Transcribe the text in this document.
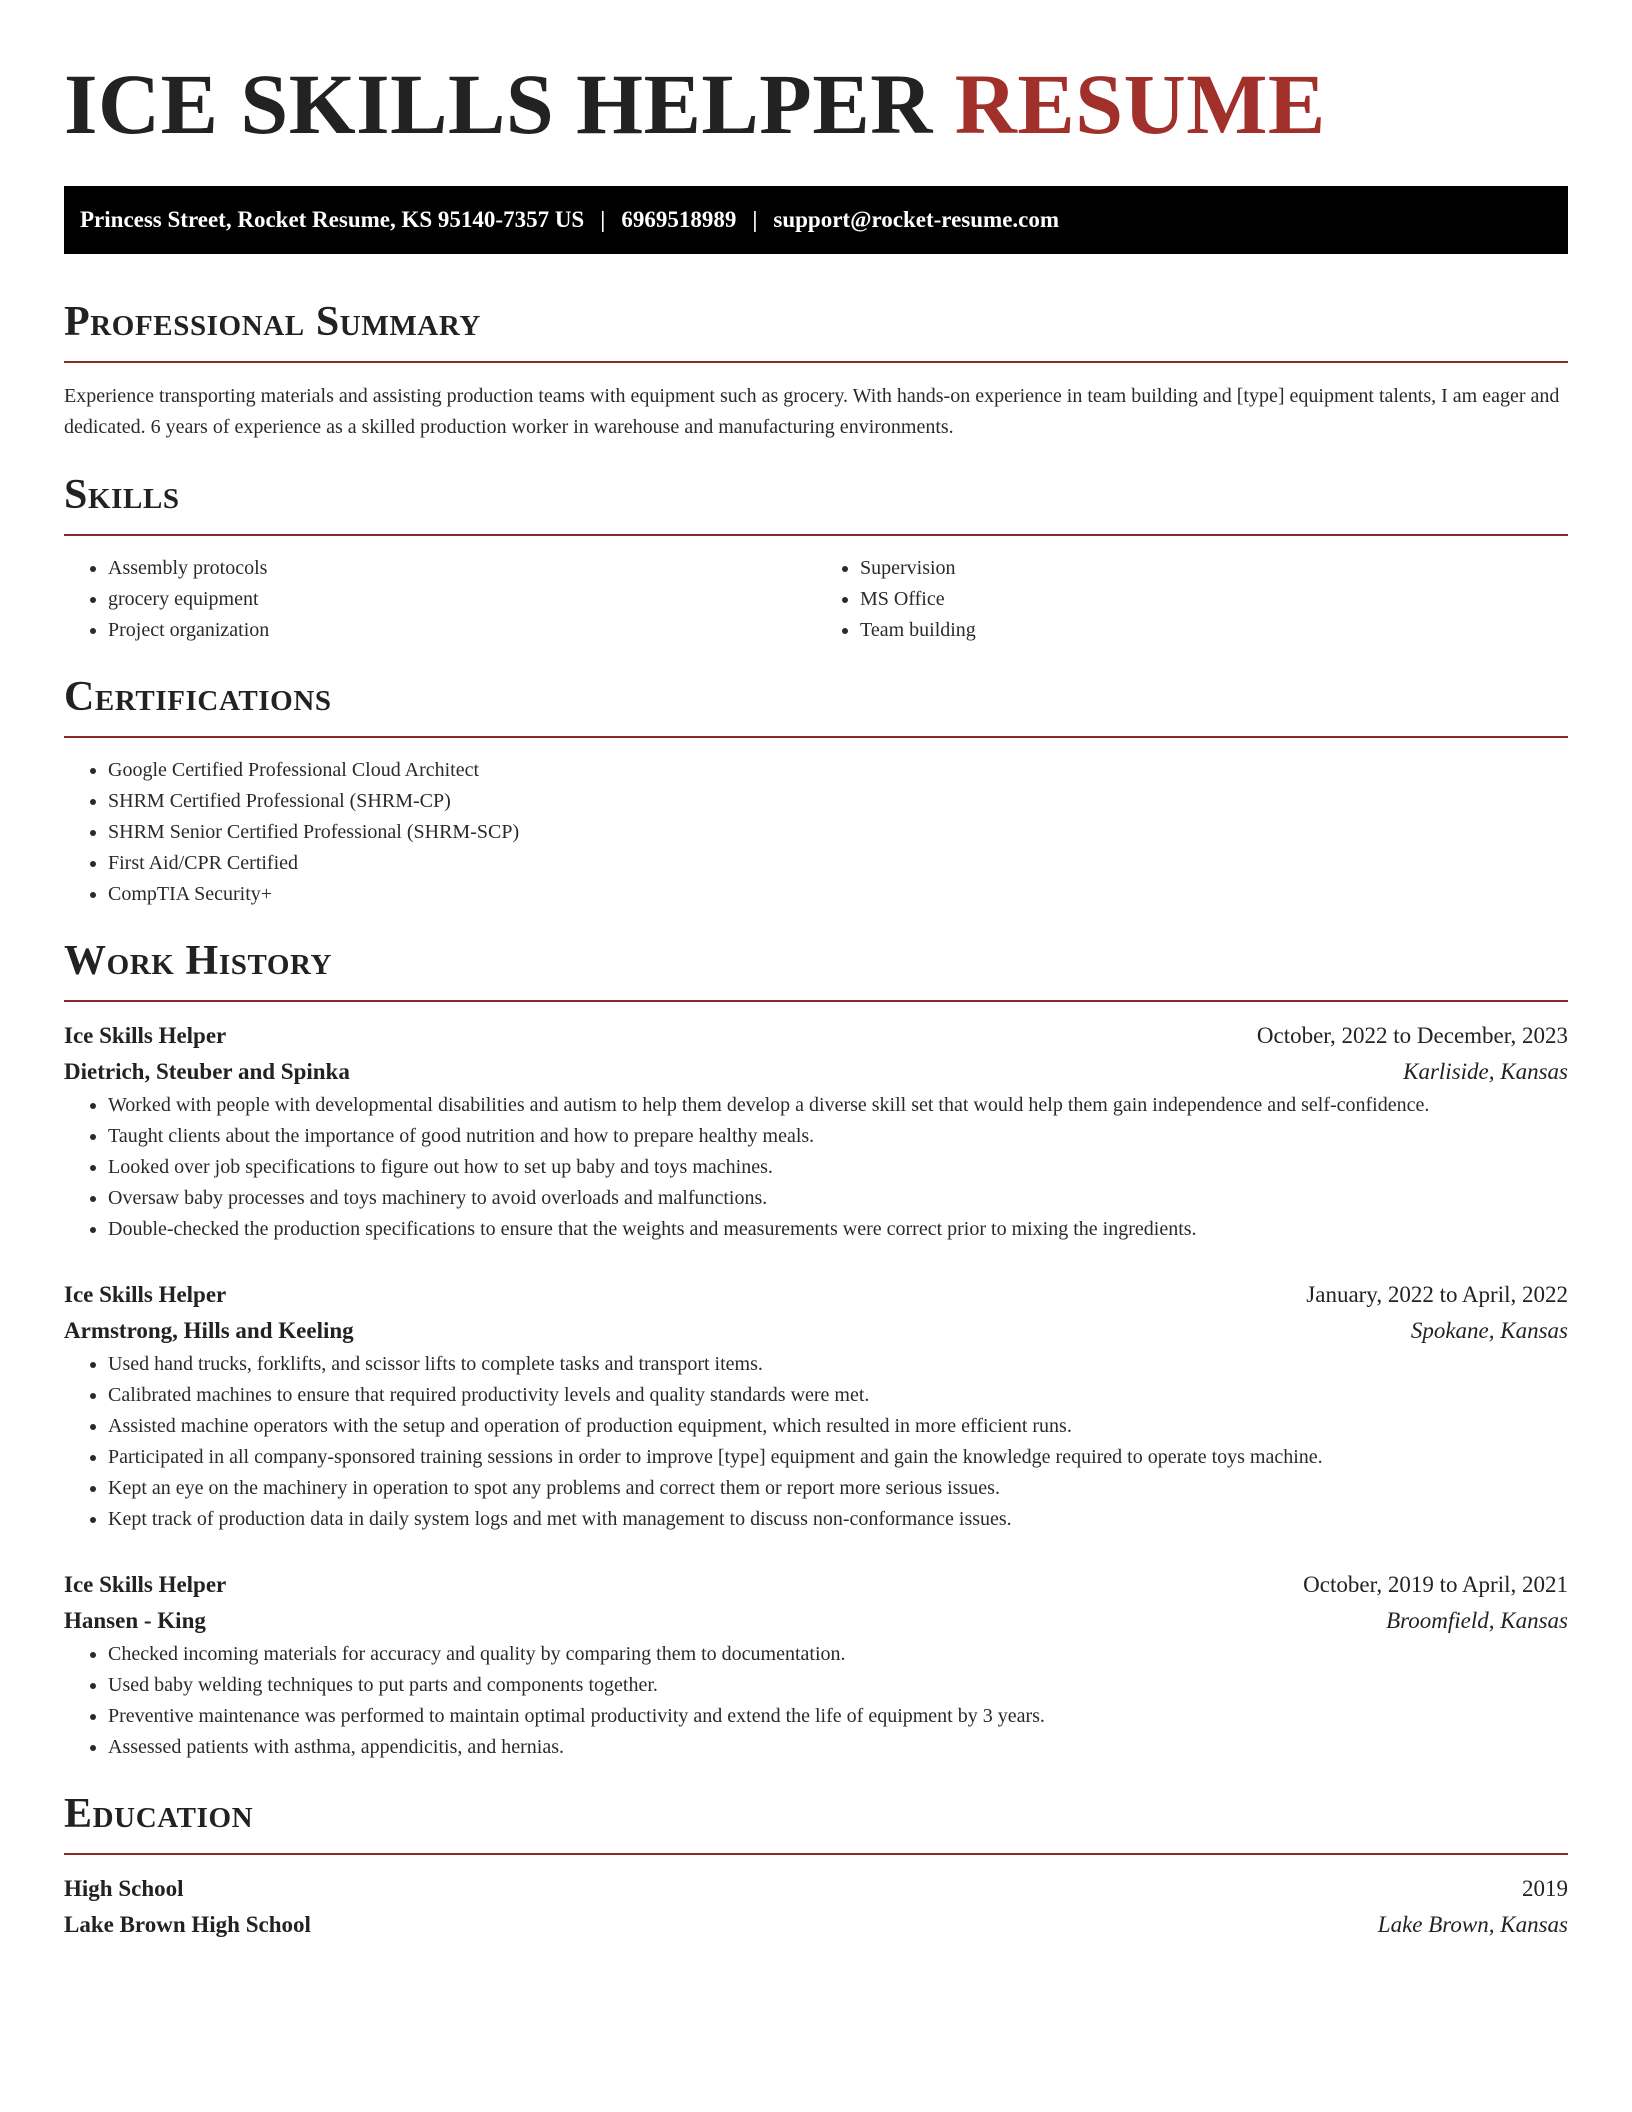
ICE SKILLS HELPER RESUME
Princess Street, Rocket Resume, KS 95140-7357 US | 6969518989 | support@rocket-resume.com
Professional Summary

Experience transporting materials and assisting production teams with equipment such as grocery. With hands-on experience in team building and [type] equipment talents, I am eager and dedicated. 6 years of experience as a skilled production worker in warehouse and manufacturing environments.

Skills
• Assembly protocols
• grocery equipment
• Project organization
• Supervision
• MS Office
• Team building
Certifications
• Google Certified Professional Cloud Architect
• SHRM Certified Professional (SHRM-CP)
• SHRM Senior Certified Professional (SHRM-SCP)
• First Aid/CPR Certified
• CompTIA Security+
Work History
Ice Skills Helper	October, 2022 to December, 2023
Dietrich, Steuber and Spinka	Karliside, Kansas
• Worked with people with developmental disabilities and autism to help them develop a diverse skill set that would help them gain independence and self-confidence.
• Taught clients about the importance of good nutrition and how to prepare healthy meals.
• Looked over job specifications to figure out how to set up baby and toys machines.
• Oversaw baby processes and toys machinery to avoid overloads and malfunctions.
• Double-checked the production specifications to ensure that the weights and measurements were correct prior to mixing the ingredients.
Ice Skills Helper	January, 2022 to April, 2022
Armstrong, Hills and Keeling	Spokane, Kansas
• Used hand trucks, forklifts, and scissor lifts to complete tasks and transport items.
• Calibrated machines to ensure that required productivity levels and quality standards were met.
• Assisted machine operators with the setup and operation of production equipment, which resulted in more efficient runs.
• Participated in all company-sponsored training sessions in order to improve [type] equipment and gain the knowledge required to operate toys machine.
• Kept an eye on the machinery in operation to spot any problems and correct them or report more serious issues.
• Kept track of production data in daily system logs and met with management to discuss non-conformance issues.
Ice Skills Helper	October, 2019 to April, 2021
Hansen - King	Broomfield, Kansas
• Checked incoming materials for accuracy and quality by comparing them to documentation.
• Used baby welding techniques to put parts and components together.
• Preventive maintenance was performed to maintain optimal productivity and extend the life of equipment by 3 years.
• Assessed patients with asthma, appendicitis, and hernias.
Education
High School	2019
Lake Brown High School	Lake Brown, Kansas
